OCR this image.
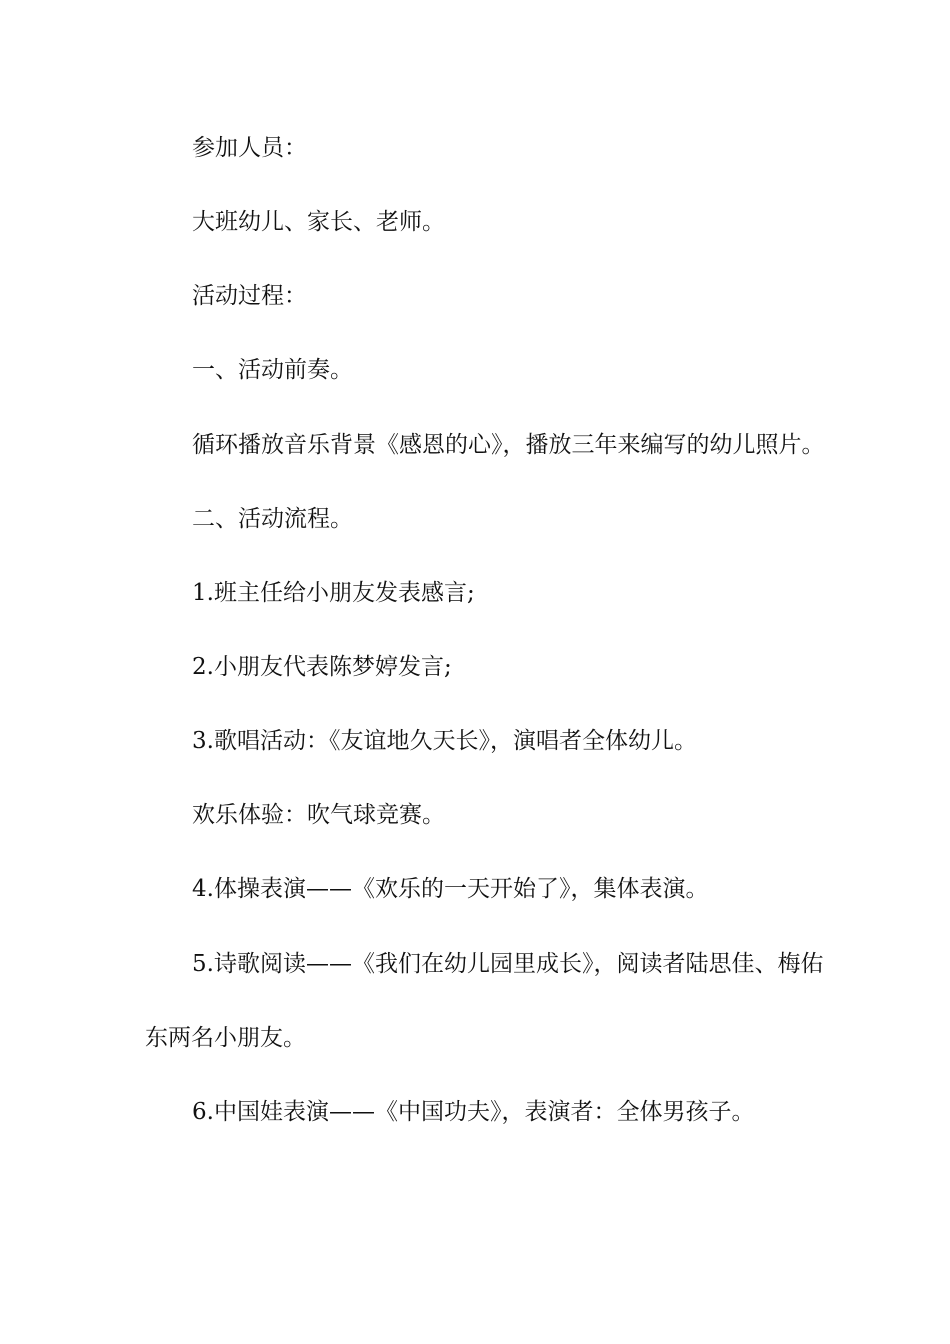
参加人员：

大班幼儿、家长、老师。

活动过程：

一、活动前奏。

循环播放音乐背景《感恩的心》，播放三年来编写的幼儿照片。

二、活动流程。

1.班主任给小朋友发表感言;

2.小朋友代表陈梦婷发言;

3.歌唱活动：《友谊地久天长》，演唱者全体幼儿。

欢乐体验：吹气球竞赛。

4.体操表演——《欢乐的一天开始了》，集体表演。

5.诗歌阅读——《我们在幼儿园里成长》，阅读者陆思佳、梅佑东两名小朋友。

6.中国娃表演——《中国功夫》，表演者：全体男孩子。
